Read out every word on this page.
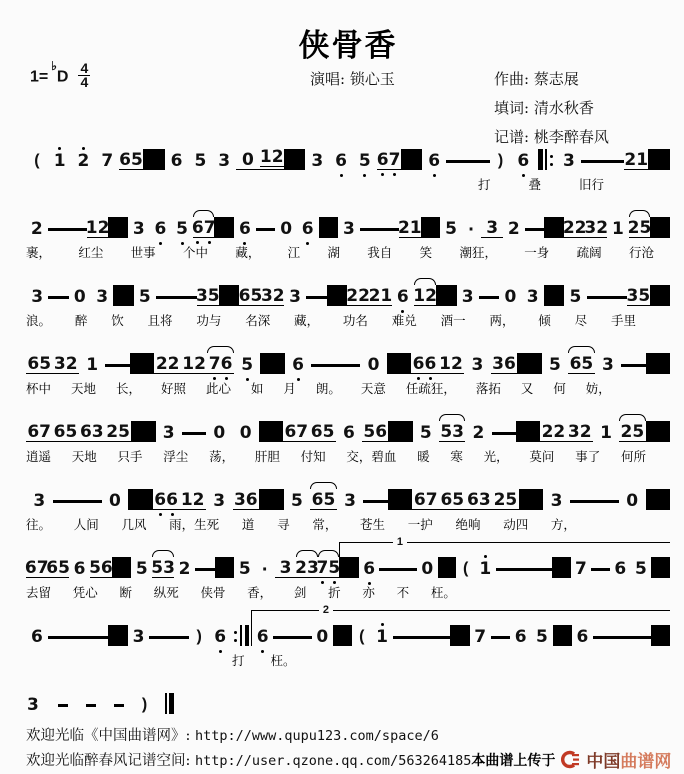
侠骨香
1=♭D
4
4	演唱: 锁心玉	作曲: 蔡志展
填词: 清水秋香
记谱: 桃李醉春风
( 1 2 7 6 5 6 5 3 0 1 2 3 6 5 6 7 6	) 6 3	2 1
打	叠	旧行
2	1 2 3 6 5 6 7 6 0 6 3	2 1 5 · 3 2	2 2
3 2 1 2 5
裹， 红尘 世事 个中 藏， 江 湖 我自 笑 潮狂， 一身 疏阔 行沧
3 0 3 5	3 5 6 5
3 2 3	2 2
2 1 6 1 2 3 0 3 5	3 5
浪。 醉 饮 且将 功与 名深 藏， 功名 难兑 酒一 两， 倾 尽 手里
6 5 3 2 1	2 2 1 2 7 6 5 6	0 6 6 1 2 3 3 6 5 6 5 3
杯中 天地 长， 好照 此心 如 月 朗。 天意 任疏狂， 落拓 又 何 妨，
6 7 6 5 6 3 2 5 3 0 0 6 7 6 5 6 5 6 5 5 3 2	2 2 3 2 1 2 5
逍遥 天地 只手 浮尘 荡， 肝胆 付知 交，碧血 暖 寒 光， 莫问 事了 何所
3	0 6 6 1 2 3 3 6 5 6 5 3	6 7 6 5 6 3 2 5 3	0
往。 人间 几风 雨，生死 道 寻 常， 苍生 一护 绝响 动四 方，
6 7
6 5 6 5 6 5 5 3 2	5 · 3 2 3
7 5 6	0	( 1	7 6 5
1
去留 凭心 断 纵死 侠骨 香， 剑 折 亦 不 枉。
6	3	) 6 6	0	( 1	7 6 5 6
2
打 枉。
3	)
欢迎光临《中国曲谱网》: http://www.qupu123.com/space/6
欢迎光临醉春风记谱空间: http://user.qzone.qq.com/563264185 本曲谱上传于 中国曲谱网
